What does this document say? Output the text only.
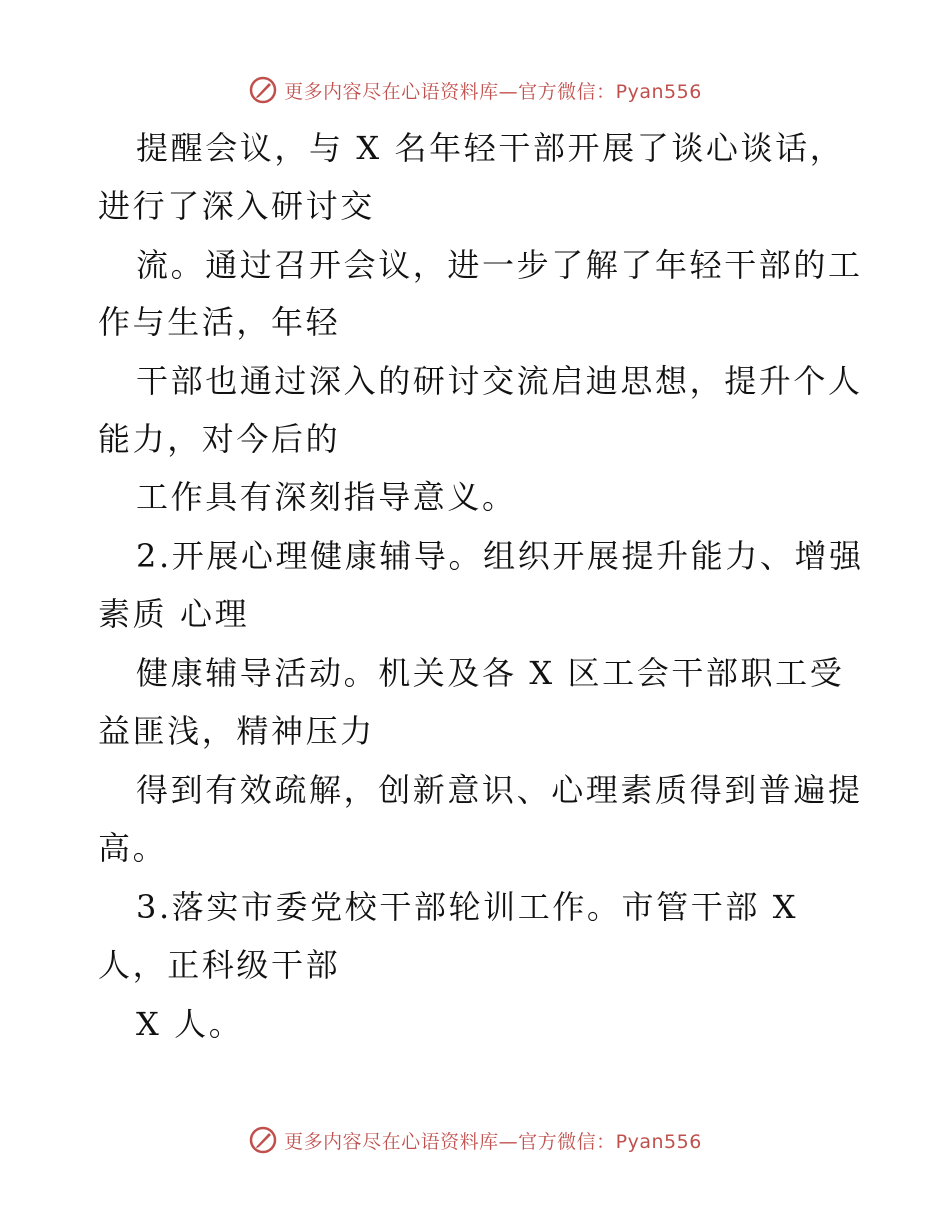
更多内容尽在心语资料库—官方微信：Pyan556
提醒会议，与 X 名年轻干部开展了谈心谈话，
进行了深入研讨交
流。通过召开会议，进一步了解了年轻干部的工
作与生活，年轻
干部也通过深入的研讨交流启迪思想，提升个人
能力，对今后的
工作具有深刻指导意义。
2.开展心理健康辅导。组织开展提升能力、增强
素质 心理
健康辅导活动。机关及各 X 区工会干部职工受
益匪浅，精神压力
得到有效疏解，创新意识、心理素质得到普遍提
高。
3.落实市委党校干部轮训工作。市管干部 X
人，正科级干部
X 人。
更多内容尽在心语资料库—官方微信：Pyan556
